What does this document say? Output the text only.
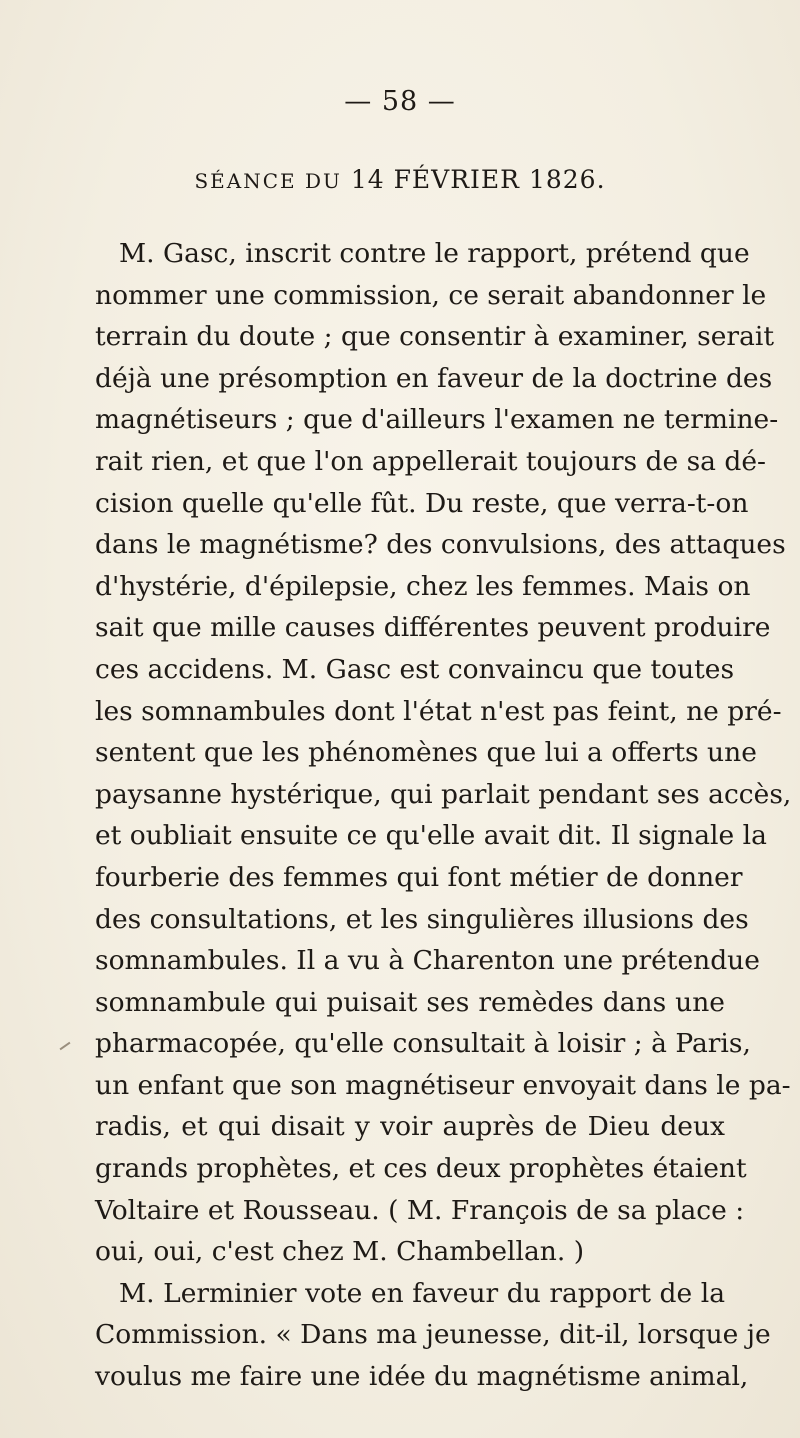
— 58 —
SÉANCE DU 14 FÉVRIER 1826.
M. Gasc, inscrit contre le rapport, prétend que
nommer une commission, ce serait abandonner le
terrain du doute ; que consentir à examiner, serait
déjà une présomption en faveur de la doctrine des
magnétiseurs ; que d'ailleurs l'examen ne termine-
rait rien, et que l'on appellerait toujours de sa dé-
cision quelle qu'elle fût. Du reste, que verra-t-on
dans le magnétisme? des convulsions, des attaques
d'hystérie, d'épilepsie, chez les femmes. Mais on
sait que mille causes différentes peuvent produire
ces accidens. M. Gasc est convaincu que toutes
les somnambules dont l'état n'est pas feint, ne pré-
sentent que les phénomènes que lui a offerts une
paysanne hystérique, qui parlait pendant ses accès,
et oubliait ensuite ce qu'elle avait dit. Il signale la
fourberie des femmes qui font métier de donner
des consultations, et les singulières illusions des
somnambules. Il a vu à Charenton une prétendue
somnambule qui puisait ses remèdes dans une
pharmacopée, qu'elle consultait à loisir ; à Paris,
un enfant que son magnétiseur envoyait dans le pa-
radis, et qui disait y voir auprès de Dieu deux
grands prophètes, et ces deux prophètes étaient
Voltaire et Rousseau. ( M. François de sa place :
oui, oui, c'est chez M. Chambellan. )
M. Lerminier vote en faveur du rapport de la
Commission. « Dans ma jeunesse, dit-il, lorsque je
voulus me faire une idée du magnétisme animal,
